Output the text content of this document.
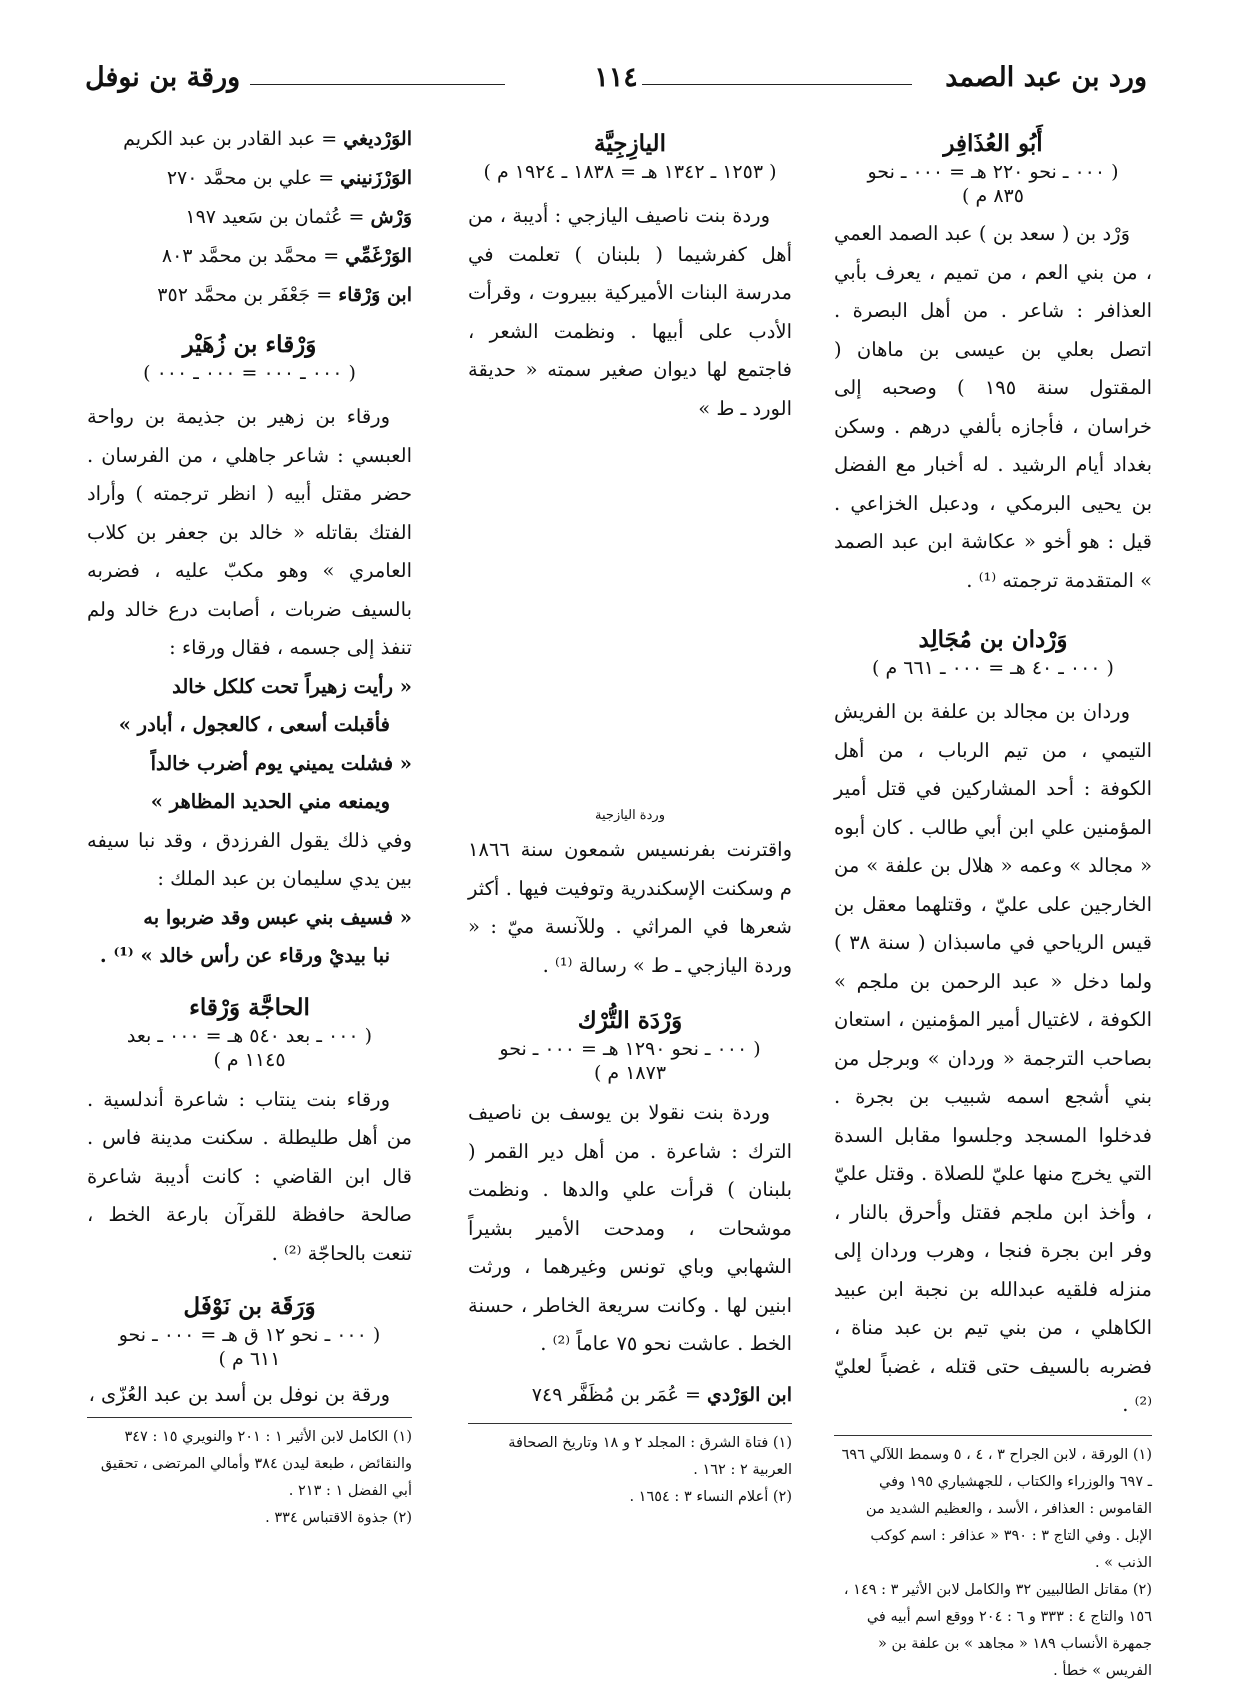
ورد بن عبد الصمد
١١٤
ورقة بن نوفل
أَبُو العُذَافِر
( ٠٠٠ ـ نحو ٢٢٠ هـ = ٠٠٠ ـ نحو
٨٣٥ م )

وَرْد بن ( سعد بن ) عبد الصمد العمي ، من بني العم ، من تميم ، يعرف بأبي العذافر : شاعر . من أهل البصرة . اتصل بعلي بن عيسى بن ماهان ( المقتول سنة ١٩٥ ) وصحبه إلى خراسان ، فأجازه بألفي درهم . وسكن بغداد أيام الرشيد . له أخبار مع الفضل بن يحيى البرمكي ، ودعبل الخزاعي . قيل : هو أخو « عكاشة ابن عبد الصمد » المتقدمة ترجمته ⁽¹⁾ .

وَرْدان بن مُجَالِد
( ٠٠٠ ـ ٤٠ هـ = ٠٠٠ ـ ٦٦١ م )

وردان بن مجالد بن علفة بن الفريش التيمي ، من تيم الرباب ، من أهل الكوفة : أحد المشاركين في قتل أمير المؤمنين علي ابن أبي طالب . كان أبوه « مجالد » وعمه « هلال بن علفة » من الخارجين على عليّ ، وقتلهما معقل بن قيس الرياحي في ماسبذان ( سنة ٣٨ ) ولما دخل « عبد الرحمن بن ملجم » الكوفة ، لاغتيال أمير المؤمنين ، استعان بصاحب الترجمة « وردان » وبرجل من بني أشجع اسمه شبيب بن بجرة . فدخلوا المسجد وجلسوا مقابل السدة التي يخرج منها عليّ للصلاة . وقتل عليّ ، وأخذ ابن ملجم فقتل وأحرق بالنار ، وفر ابن بجرة فنجا ، وهرب وردان إلى منزله فلقيه عبدالله بن نجبة ابن عبيد الكاهلي ، من بني تيم بن عبد مناة ، فضربه بالسيف حتى قتله ، غضباً لعليّ ⁽²⁾ .

(١) الورقة ، لابن الجراح ٣ ، ٤ ، ٥ وسمط اللآلي ٦٩٦ ـ ٦٩٧ والوزراء والكتاب ، للجهشياري ١٩٥ وفي القاموس : العذافر ، الأسد ، والعظيم الشديد من الإبل . وفي التاج ٣ : ٣٩٠ « عذافر : اسم كوكب الذنب » .
(٢) مقاتل الطالبيين ٣٢ والكامل لابن الأثير ٣ : ١٤٩ ، ١٥٦ والتاج ٤ : ٣٣٣ و ٦ : ٢٠٤ ووقع اسم أبيه في جمهرة الأنساب ١٨٩ « مجاهد » بن علفة بن « الفريس » خطأ .
اليازِجِيَّة
( ١٢٥٣ ـ ١٣٤٢ هـ = ١٨٣٨ ـ ١٩٢٤ م )

وردة بنت ناصيف اليازجي : أديبة ، من أهل كفرشيما ( بلبنان ) تعلمت في مدرسة البنات الأميركية ببيروت ، وقرأت الأدب على أبيها . ونظمت الشعر ، فاجتمع لها ديوان صغير سمته « حديقة الورد ـ ط »

وردة اليازجية

واقترنت بفرنسيس شمعون سنة ١٨٦٦ م وسكنت الإسكندرية وتوفيت فيها . أكثر شعرها في المراثي . وللآنسة ميّ : « وردة اليازجي ـ ط » رسالة ⁽¹⁾ .

وَرْدَة التُّرْك
( ٠٠٠ ـ نحو ١٢٩٠ هـ = ٠٠٠ ـ نحو
١٨٧٣ م )

وردة بنت نقولا بن يوسف بن ناصيف الترك : شاعرة . من أهل دير القمر ( بلبنان ) قرأت علي والدها . ونظمت موشحات ، ومدحت الأمير بشيراً الشهابي وباي تونس وغيرهما ، ورثت ابنين لها . وكانت سريعة الخاطر ، حسنة الخط . عاشت نحو ٧٥ عاماً ⁽²⁾ .

ابن الوَرْدي = عُمَر بن مُظَفَّر ٧٤٩
(١) فتاة الشرق : المجلد ٢ و ١٨ وتاريخ الصحافة العربية ٢ : ١٦٢ .
(٢) أعلام النساء ٣ : ١٦٥٤ .
الوَرْديغي = عبد القادر بن عبد الكريم
الوَرْزَنيني = علي بن محمَّد ٢٧٠
وَرْش = عُثمان بن سَعيد ١٩٧
الوَرْغَمِّي = محمَّد بن محمَّد ٨٠٣
ابن وَرْقاء = جَعْفَر بن محمَّد ٣٥٢
وَرْقاء بن زُهَيْر
( ٠٠٠ ـ ٠٠٠ = ٠٠٠ ـ ٠٠٠ )

ورقاء بن زهير بن جذيمة بن رواحة العبسي : شاعر جاهلي ، من الفرسان . حضر مقتل أبيه ( انظر ترجمته ) وأراد الفتك بقاتله « خالد بن جعفر بن كلاب العامري » وهو مكبّ عليه ، فضربه بالسيف ضربات ، أصابت درع خالد ولم تنفذ إلى جسمه ، فقال ورقاء :

« رأيت زهيراً تحت كلكل خالد
فأقبلت أسعى ، كالعجول ، أبادر »
« فشلت يميني يوم أضرب خالداً
ويمنعه مني الحديد المظاهر »

وفي ذلك يقول الفرزدق ، وقد نبا سيفه بين يدي سليمان بن عبد الملك :

« فسيف بني عبس وقد ضربوا به
نبا بيديْ ورقاء عن رأس خالد » ⁽¹⁾ .
الحاجَّة وَرْقاء
( ٠٠٠ ـ بعد ٥٤٠ هـ = ٠٠٠ ـ بعد
١١٤٥ م )

ورقاء بنت ينتاب : شاعرة أندلسية . من أهل طليطلة . سكنت مدينة فاس . قال ابن القاضي : كانت أديبة شاعرة صالحة حافظة للقرآن بارعة الخط ، تنعت بالحاجّة ⁽²⁾ .

وَرَقَة بن نَوْفَل
( ٠٠٠ ـ نحو ١٢ ق هـ = ٠٠٠ ـ نحو
٦١١ م )

ورقة بن نوفل بن أسد بن عبد العُزّى ،

(١) الكامل لابن الأثير ١ : ٢٠١ والنويري ١٥ : ٣٤٧ والنقائض ، طبعة ليدن ٣٨٤ وأمالي المرتضى ، تحقيق أبي الفضل ١ : ٢١٣ .
(٢) جذوة الاقتباس ٣٣٤ .
